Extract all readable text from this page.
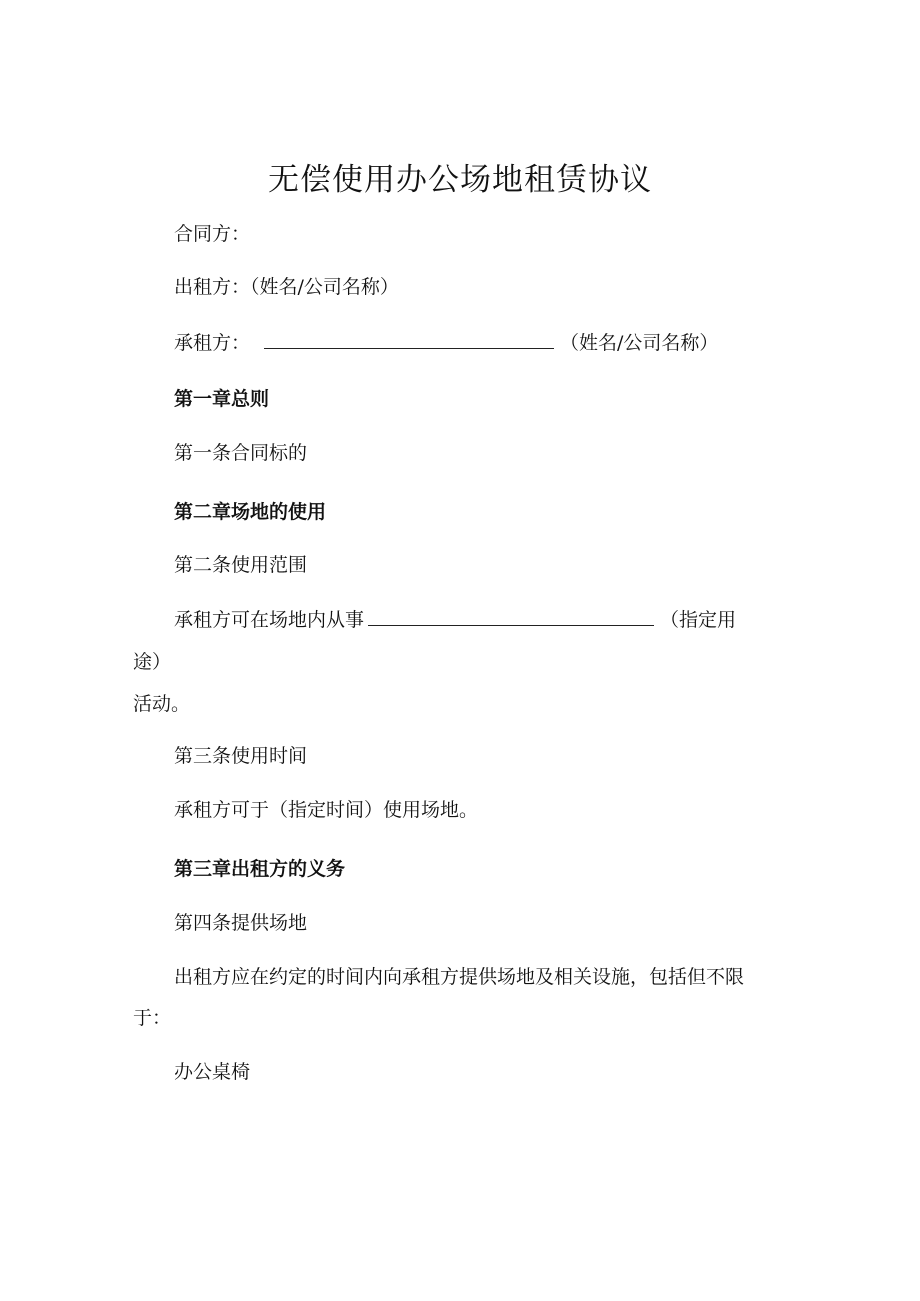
无偿使用办公场地租赁协议
合同方：
出租方：（姓名/公司名称）
承租方：	（姓名/公司名称）
第一章总则
第一条合同标的
第二章场地的使用
第二条使用范围
承租方可在场地内从事	（指定用
途）
活动。
第三条使用时间
承租方可于（指定时间）使用场地。
第三章出租方的义务
第四条提供场地
出租方应在约定的时间内向承租方提供场地及相关设施，包括但不限
于：
办公桌椅
